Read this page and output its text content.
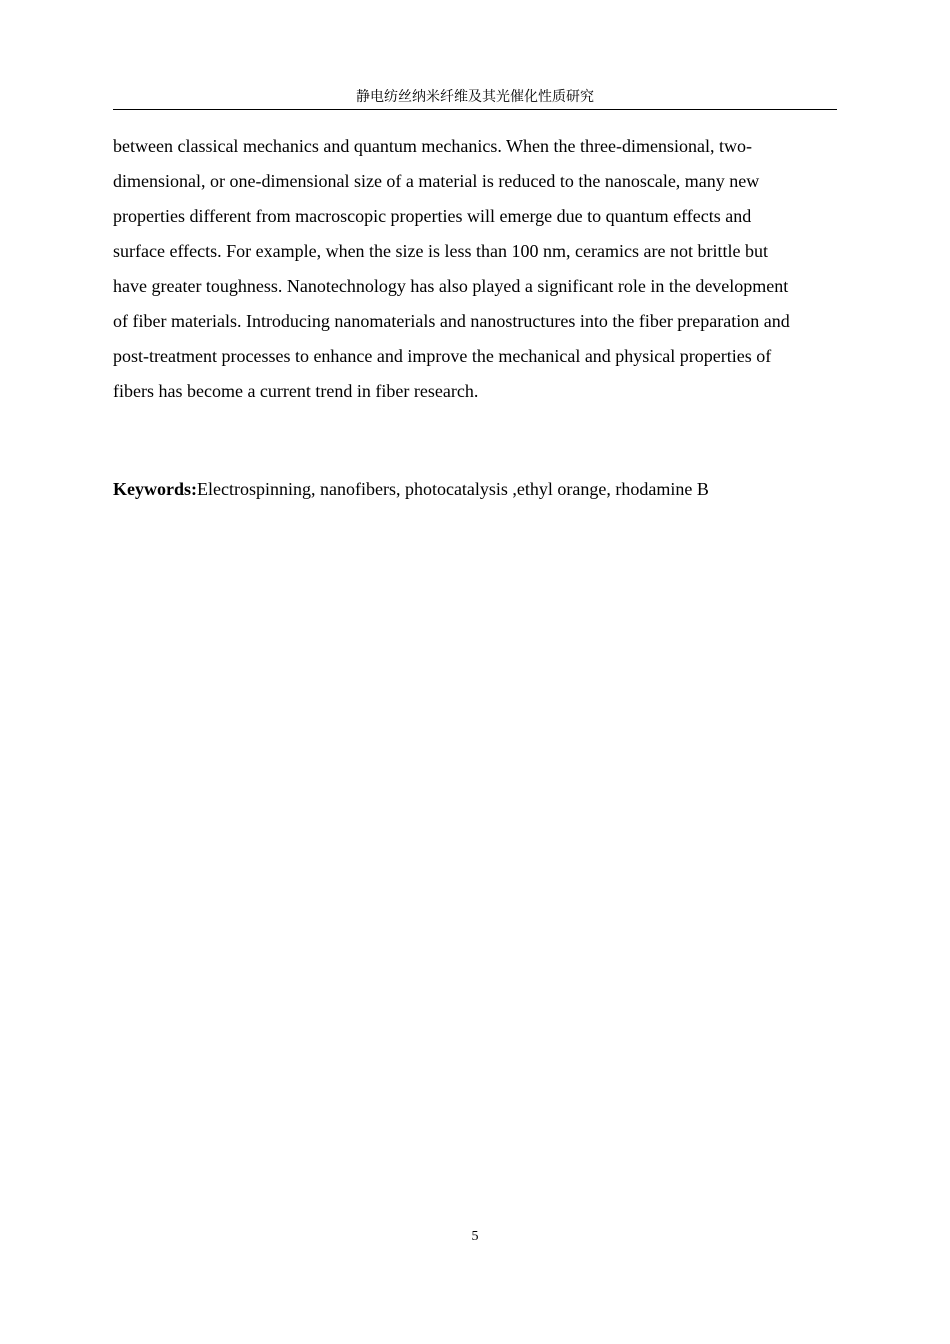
静电纺丝纳米纤维及其光催化性质研究

between classical mechanics and quantum mechanics. When the three-dimensional, two-
dimensional, or one-dimensional size of a material is reduced to the nanoscale, many new
properties different from macroscopic properties will emerge due to quantum effects and
surface effects. For example, when the size is less than 100 nm, ceramics are not brittle but
have greater toughness. Nanotechnology has also played a significant role in the development
of fiber materials. Introducing nanomaterials and nanostructures into the fiber preparation and
post-treatment processes to enhance and improve the mechanical and physical properties of
fibers has become a current trend in fiber research.

Keywords:Electrospinning, nanofibers, photocatalysis ,ethyl orange, rhodamine B

5
